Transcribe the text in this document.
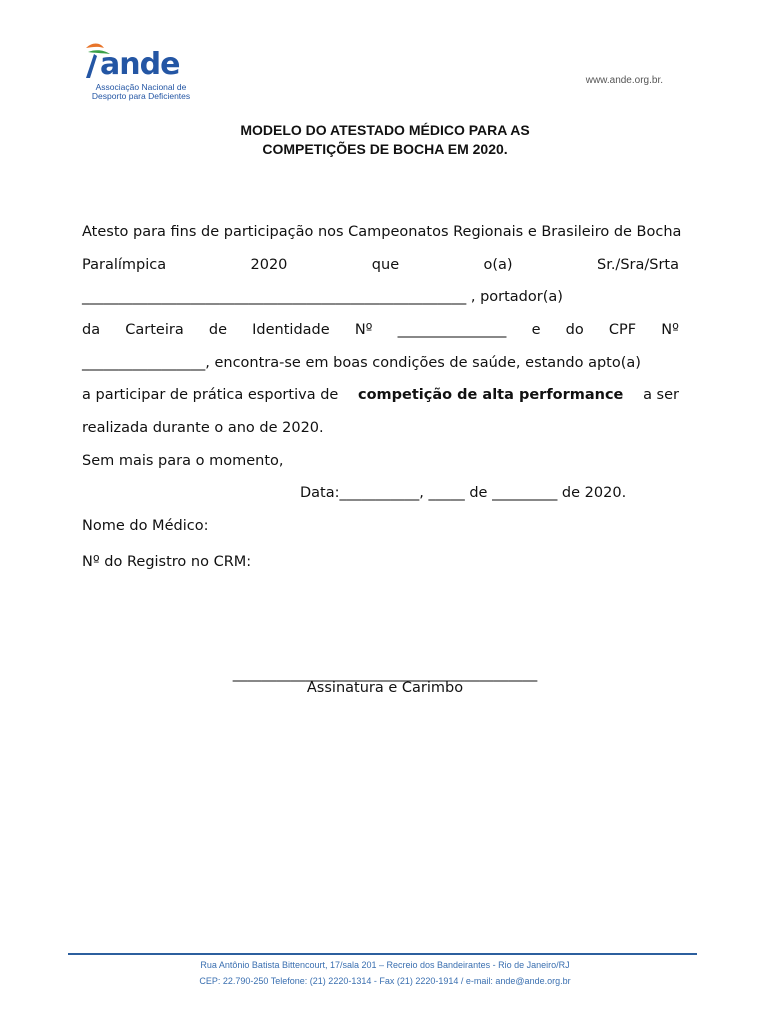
ande
Associação Nacional de
Desporto para Deficientes
www.ande.org.br.
MODELO DO ATESTADO MÉDICO PARA AS
COMPETIÇÕES DE BOCHA EM 2020.
Atesto para fins de participação nos Campeonatos Regionais e Brasileiro de Bocha
Paralímpica	2020	que	o(a)	Sr./Sra/Srta
_____________________________________________________ , portador(a)
da Carteira de Identidade Nº _______________ e do CPF Nº
_________________, encontra-se em boas condições de saúde, estando apto(a)
a participar de prática esportiva de competição de alta performance a ser
realizada durante o ano de 2020.
Sem mais para o momento,
Data:___________, _____ de _________ de 2020.
Nome do Médico:
Nº do Registro no CRM:
__________________________________________
Assinatura e Carimbo
Rua Antônio Batista Bittencourt, 17/sala 201 – Recreio dos Bandeirantes - Rio de Janeiro/RJ
CEP: 22.790-250 Telefone: (21) 2220-1314 - Fax (21) 2220-1914 / e-mail: ande@ande.org.br
